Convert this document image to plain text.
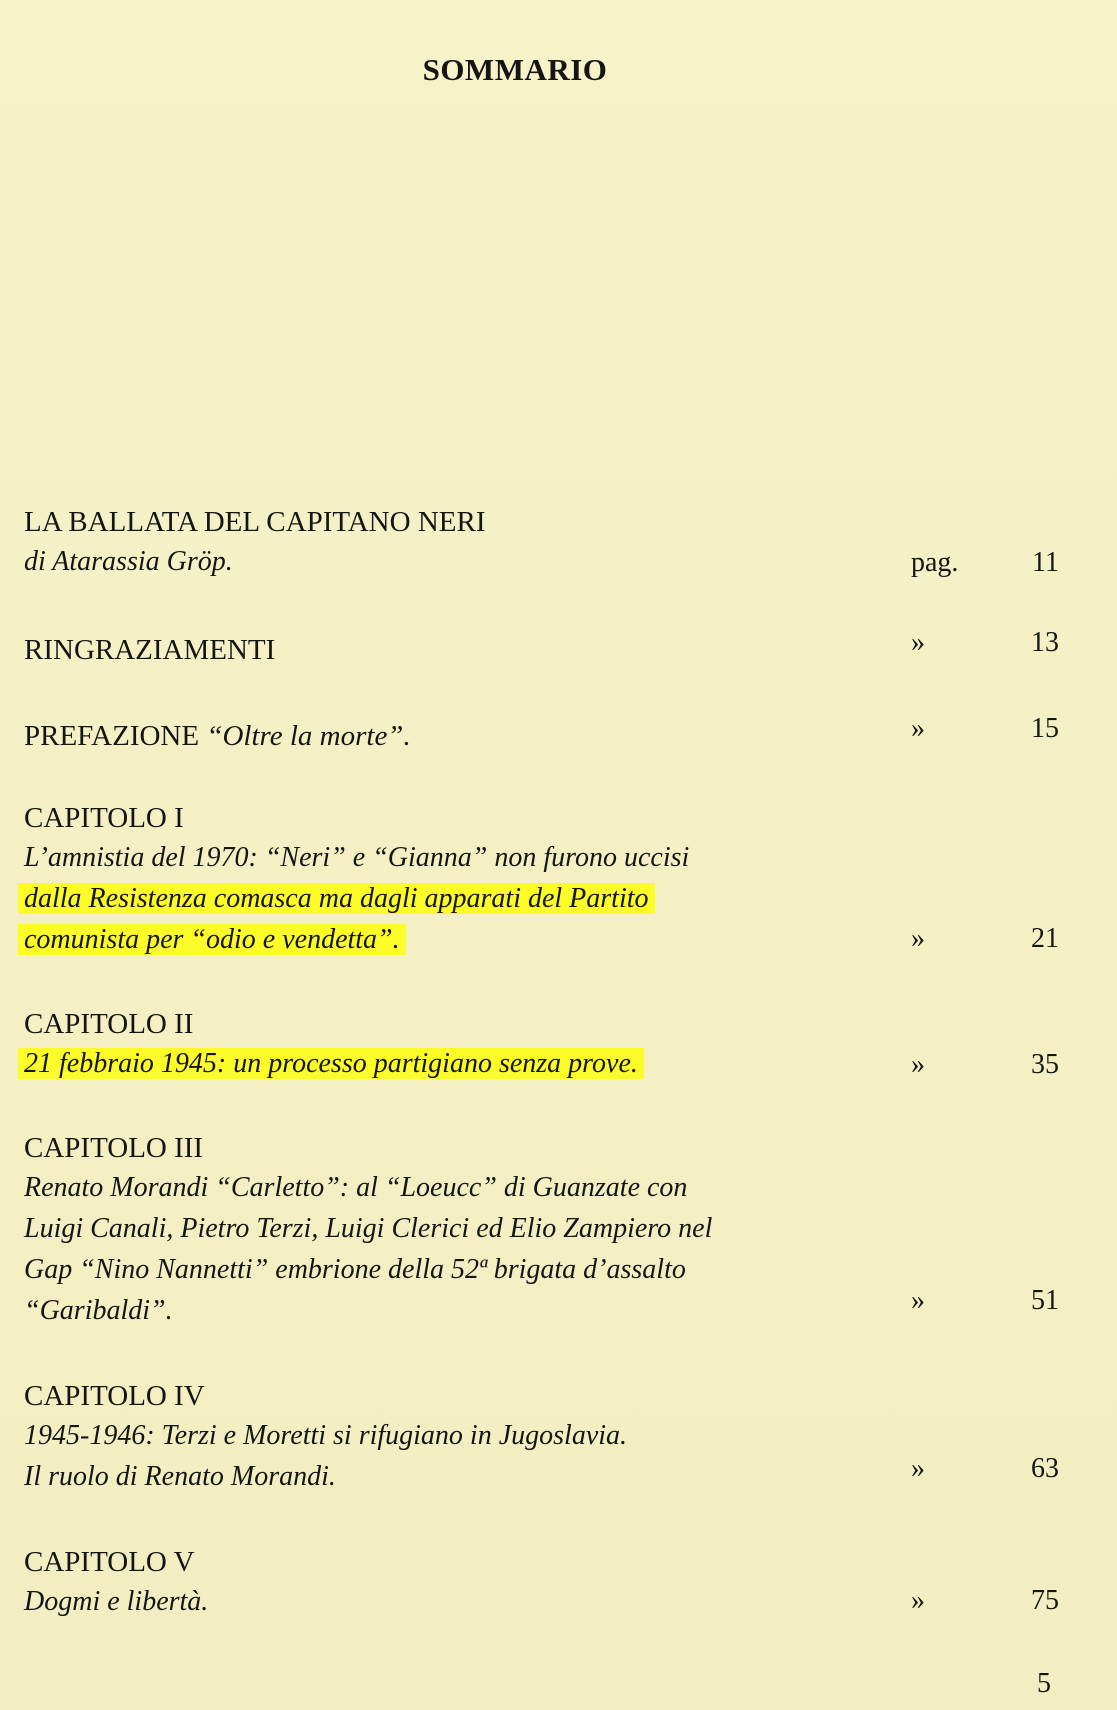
SOMMARIO
LA BALLATA DEL CAPITANO NERI
di Atarassia Gröp.	pag.	11
RINGRAZIAMENTI	»	13
PREFAZIONE “Oltre la morte”.	»	15
CAPITOLO I
L’amnistia del 1970: “Neri” e “Gianna” non furono uccisi
dalla Resistenza comasca ma dagli apparati del Partito
comunista per “odio e vendetta”.	»	21
CAPITOLO II
21 febbraio 1945: un processo partigiano senza prove.	»	35
CAPITOLO III
Renato Morandi “Carletto”: al “Loeucc” di Guanzate con
Luigi Canali, Pietro Terzi, Luigi Clerici ed Elio Zampiero nel
Gap “Nino Nannetti” embrione della 52ª brigata d’assalto
“Garibaldi”.	»	51
CAPITOLO IV
1945-1946: Terzi e Moretti si rifugiano in Jugoslavia.
Il ruolo di Renato Morandi.	»	63
CAPITOLO V
Dogmi e libertà.	»	75
5
